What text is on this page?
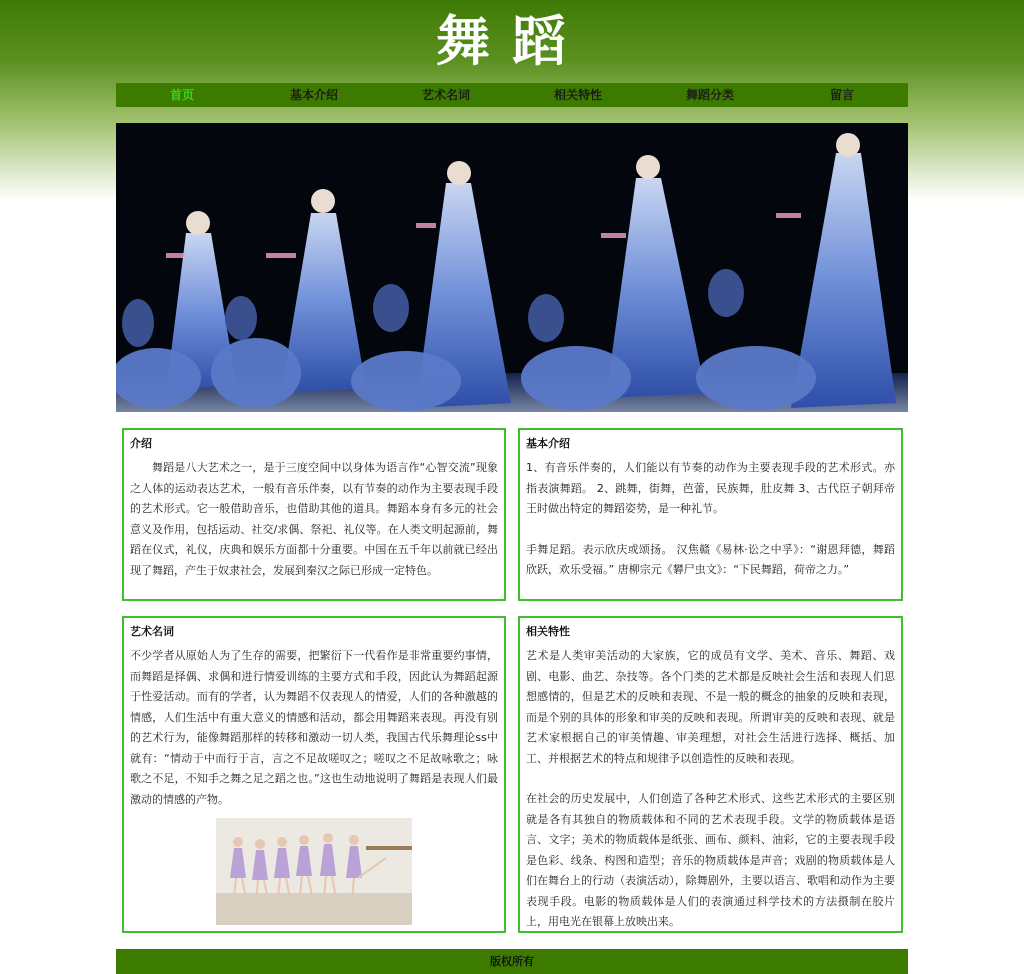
舞蹈
首页	基本介绍	艺术名词	相关特性	舞蹈分类	留言
介绍

舞蹈是八大艺术之一，是于三度空间中以身体为语言作“心智交流”现象之人体的运动表达艺术，一般有音乐伴奏，以有节奏的动作为主要表现手段的艺术形式。它一般借助音乐，也借助其他的道具。舞蹈本身有多元的社会意义及作用，包括运动、社交/求偶、祭祀、礼仪等。在人类文明起源前，舞蹈在仪式，礼仪，庆典和娱乐方面都十分重要。中国在五千年以前就已经出现了舞蹈，产生于奴隶社会，发展到秦汉之际已形成一定特色。

基本介绍

1、有音乐伴奏的，人们能以有节奏的动作为主要表现手段的艺术形式。亦指表演舞蹈。 2、跳舞，街舞，芭蕾，民族舞，肚皮舞 3、古代臣子朝拜帝王时做出特定的舞蹈姿势，是一种礼节。

手舞足蹈。表示欣庆或颂扬。 汉焦赣《易林·讼之中孚》：“谢恩拜德，舞蹈欣跃，欢乐受福。” 唐柳宗元《礬尸虫文》：“下民舞蹈，荷帝之力。”

艺术名词

不少学者从原始人为了生存的需要，把繁衍下一代看作是非常重要约事情，而舞蹈是择偶、求偶和进行情爱训练的主要方式和手段，因此认为舞蹈起源于性爱活动。而有的学者，认为舞蹈不仅表现人的情爱，人们的各种激越的情感，人们生活中有重大意义的情感和活动，都会用舞蹈来表现。再没有别的艺术行为，能像舞蹈那样的转移和激动一切人类，我国古代乐舞理论ss中就有：“情动于中而行于言，言之不足故嗟叹之；嗟叹之不足故咏歌之；咏歌之不足，不知手之舞之足之蹈之也。”这也生动地说明了舞蹈是表现人们最激动的情感的产物。

相关特性

艺术是人类审美活动的大家族，它的成员有文学、美术、音乐、舞蹈、戏剧、电影、曲艺、杂技等。各个门类的艺术都是反映社会生活和表现人们思想感情的，但是艺术的反映和表现、不是一般的概念的抽象的反映和表现，而是个别的具体的形象和审美的反映和表现。所谓审美的反映和表现、就是艺术家根据自己的审美情趣、审美理想，对社会生活进行选择、概括、加工、并根据艺术的特点和规律予以创造性的反映和表现。

在社会的历史发展中，人们创造了各种艺术形式、这些艺术形式的主要区别就是各有其独自的物质载体和不同的艺术表现手段。文学的物质载体是语言、文字；美术的物质载体是纸张、画布、颜料、油彩，它的主要表现手段是色彩、线条、构图和造型；音乐的物质载体是声音；戏剧的物质载体是人们在舞台上的行动（表演活动），除舞剧外，主要以语言、歌唱和动作为主要表现手段。电影的物质载体是人们的表演通过科学技术的方法摄制在胶片上，用电光在银幕上放映出来。

版权所有
